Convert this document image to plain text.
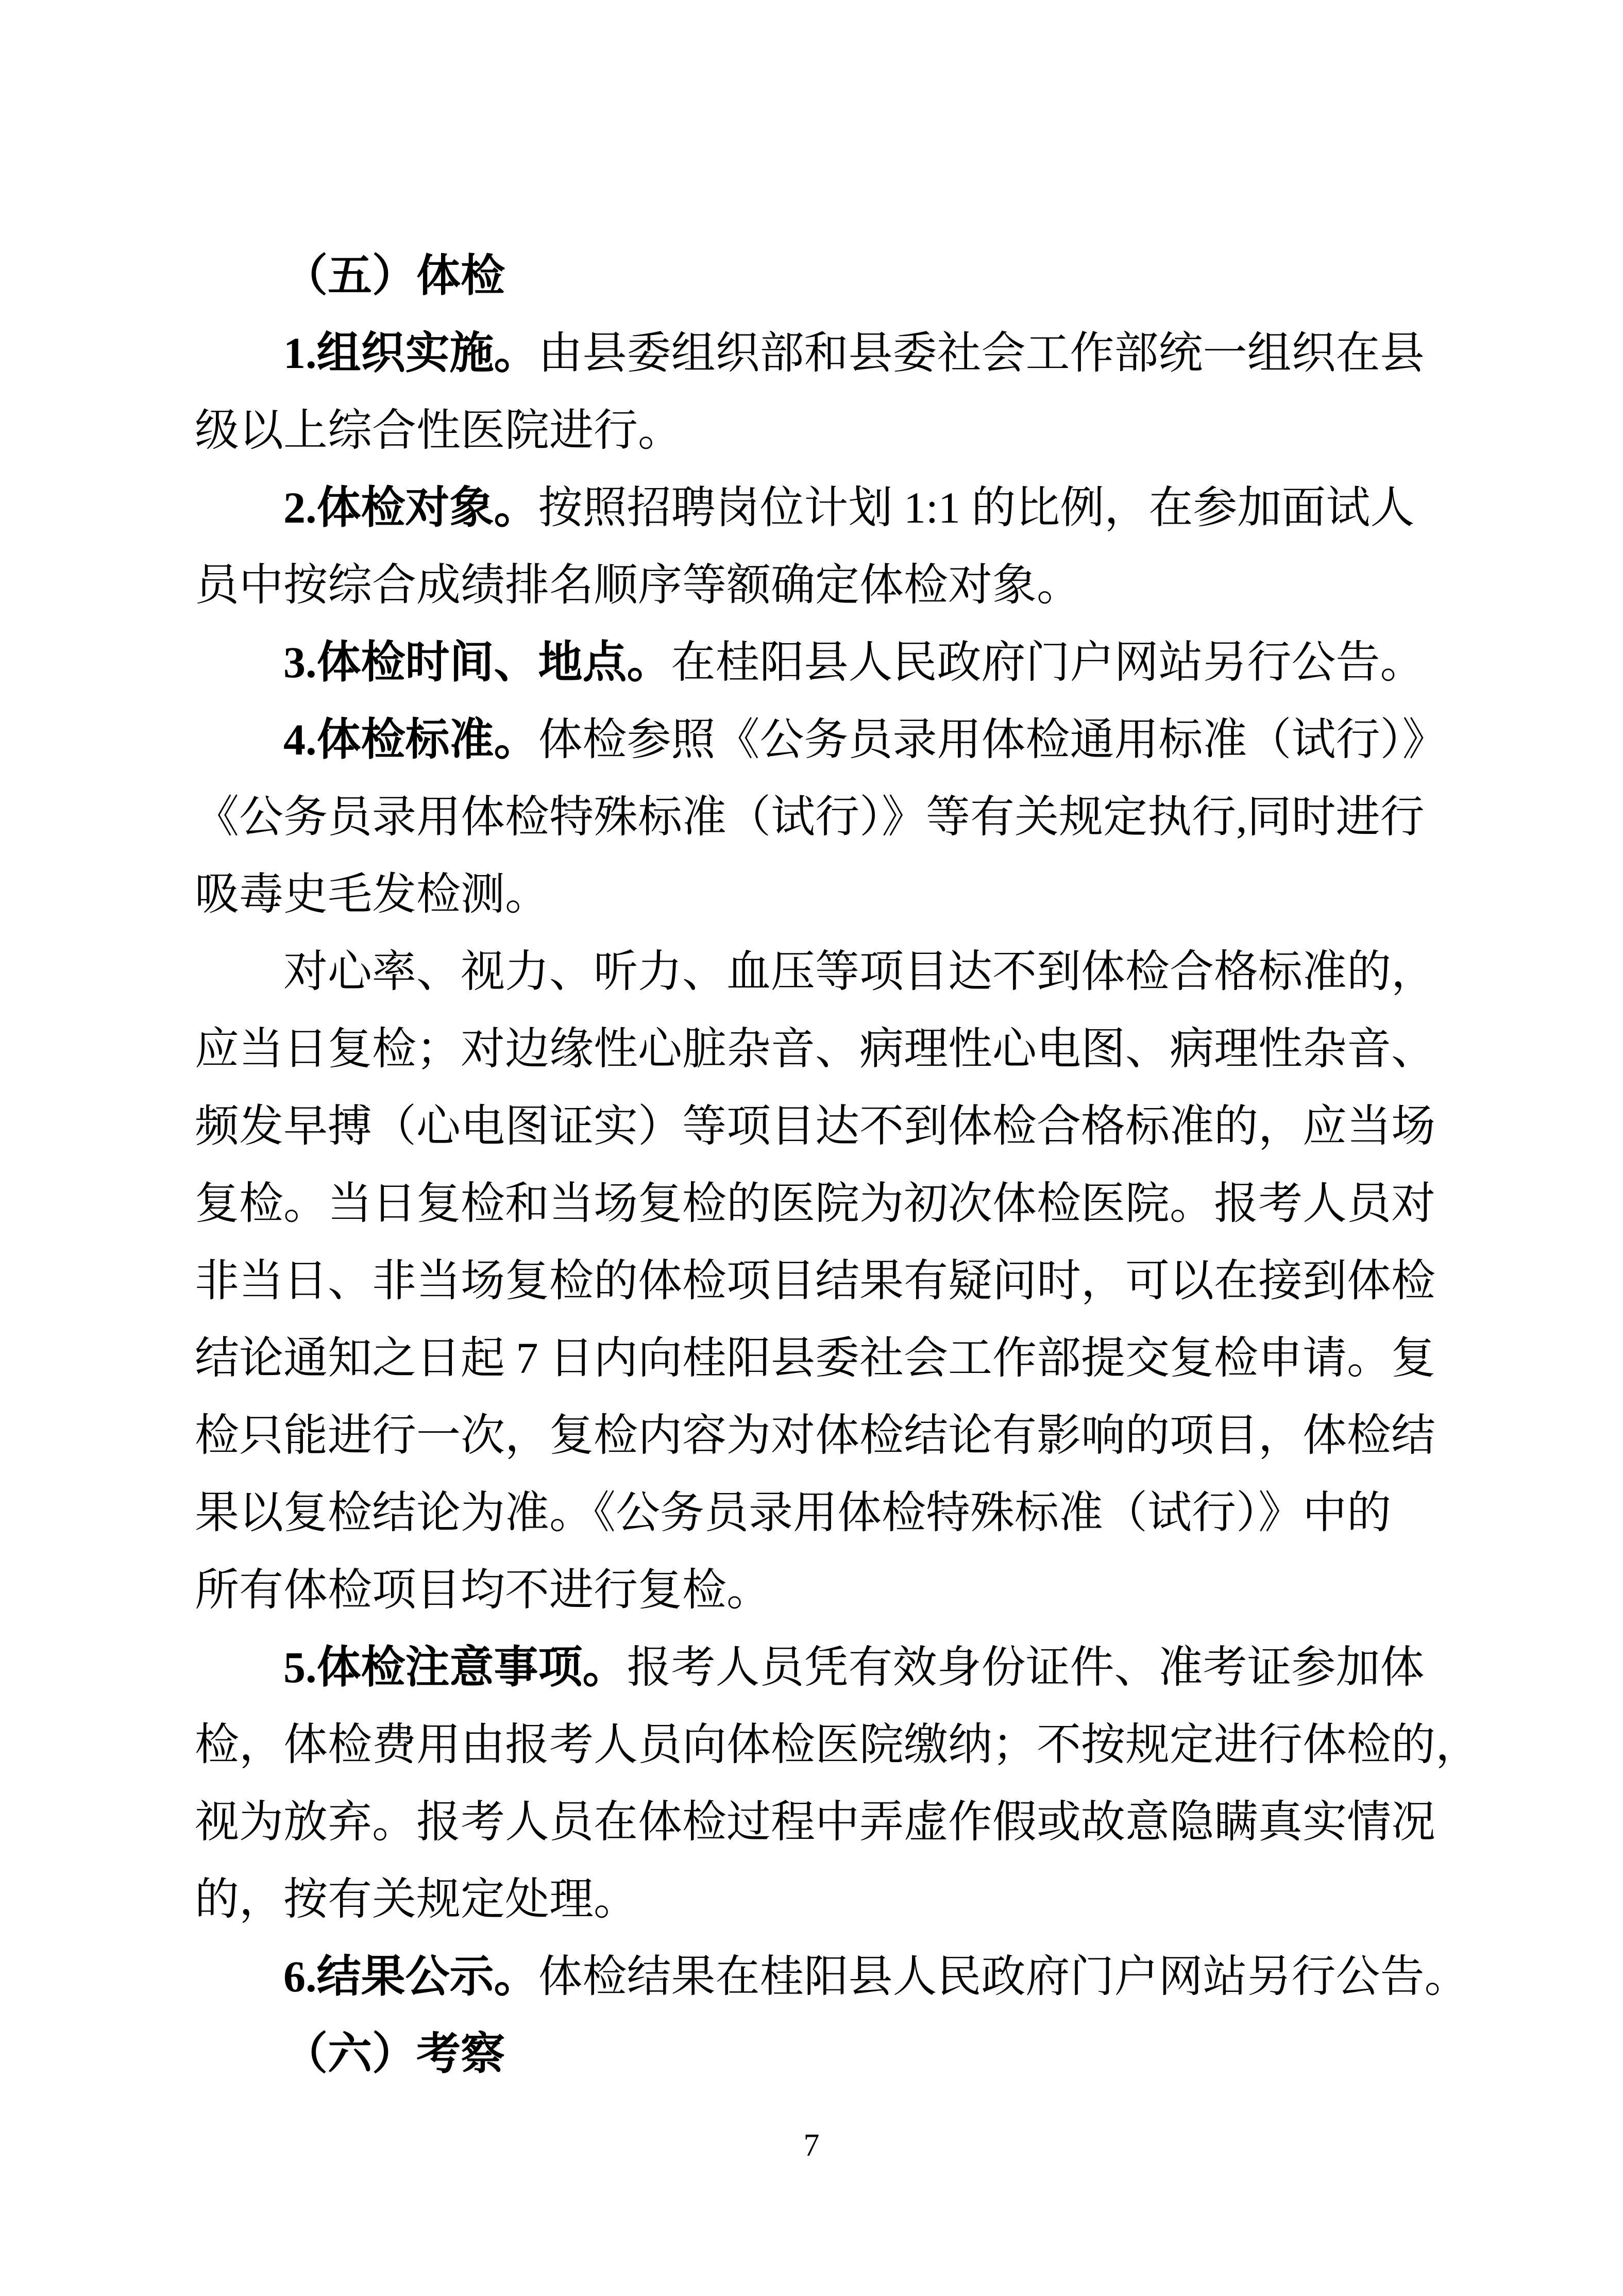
（五）体检
1.组织实施。由县委组织部和县委社会工作部统一组织在县
级以上综合性医院进行。
2.体检对象。按照招聘岗位计划 1:1 的比例，在参加面试人
员中按综合成绩排名顺序等额确定体检对象。
3.体检时间、地点。在桂阳县人民政府门户网站另行公告。
4.体检标准。体检参照《公务员录用体检通用标准（试行）》
《公务员录用体检特殊标准（试行）》等有关规定执行,同时进行
吸毒史毛发检测。
对心率、视力、听力、血压等项目达不到体检合格标准的，
应当日复检；对边缘性心脏杂音、病理性心电图、病理性杂音、
频发早搏（心电图证实）等项目达不到体检合格标准的，应当场
复检。当日复检和当场复检的医院为初次体检医院。报考人员对
非当日、非当场复检的体检项目结果有疑问时，可以在接到体检
结论通知之日起 7 日内向桂阳县委社会工作部提交复检申请。复
检只能进行一次，复检内容为对体检结论有影响的项目，体检结
果以复检结论为准。《公务员录用体检特殊标准（试行）》中的
所有体检项目均不进行复检。
5.体检注意事项。报考人员凭有效身份证件、准考证参加体
检，体检费用由报考人员向体检医院缴纳；不按规定进行体检的，
视为放弃。报考人员在体检过程中弄虚作假或故意隐瞒真实情况
的，按有关规定处理。
6.结果公示。体检结果在桂阳县人民政府门户网站另行公告。
（六）考察
7
